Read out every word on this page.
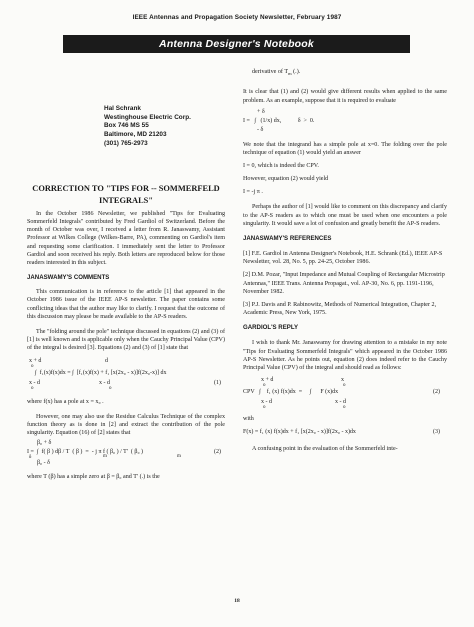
IEEE Antennas and Propagation Society Newsletter, February 1987
Antenna Designer's Notebook
Hal Schrank
Westinghouse Electric Corp.
Box 746 MS 55
Baltimore, MD 21203
(301) 765-2973
CORRECTION TO "TIPS FOR -- SOMMERFELD
INTEGRALS"

In the October 1986 Newsletter, we published "Tips for Evaluating Sommerfeld Integrals" contributed by Fred Gardiol of Switzerland. Before the month of October was over, I received a letter from R. Janaswamy, Assistant Professor at Wilkes College (Wilkes-Barre, PA), commenting on Gardiol's item and requesting some clarification. I immediately sent the letter to Professor Gardiol and soon received his reply. Both letters are reproduced below for those readers interested in this subject.

JANASWAMY'S COMMENTS

This communication is in reference to the article [1] that appeared in the October 1986 issue of the IEEE AP-S newsletter. The paper contains some conflicting ideas that the author may like to clarify. I request that the outcome of this discussion may please be made available to the AP-S readers.

The "folding around the pole" technique discussed in equations (2) and (3) of [1] is well known and is applicable only when the Cauchy Principal Value (CPV) of the integral is desired [3]. Equations (2) and (3) of [1] state that

x + d

	d

o

∫  f₁(x)f(x)dx = ∫  [f₁(x)f(x) + f₁ [x(2x₀ - x)]f(2x₀-x)] dx

x - d

	x - d

o

	o

(1)

where f(x) has a pole at x = x₀ .

However, one may also use the Residue Calculus Technique of the complex function theory as is done in [2] and extract the contribution of the pole singularity. Equation (16) of [2] states that

β₀ + δ

I =  ∫  f( β ) dβ / T  ( β )  =  - j π f ( β₀ ) / T'  ( β₀ )

m

	m

δ

β₀ - δ

(2)

where T (β) has a simple zero at β = β₀ and T' (.) is the

derivative of $T_m$ (.).

It is clear that (1) and (2) would give different results when applied to the same problem. As an example, suppose that it is required to evaluate

+ δ

I =   ∫   (1/x) dx,           δ  >  0.

- δ

We note that the integrand has a simple pole at x=0. The folding over the pole technique of equation (1) would yield an answer

I = 0, which is indeed the CPV.

However, equation (2) would yield

I = -j π .

Perhaps the author of [1] would like to comment on this discrepancy and clarify to the AP-S readers as to which one must be used when one encounters a pole singularity. It would save a lot of confusion and greatly benefit the AP-S readers.

JANASWAMY'S REFERENCES

[1] F.E. Gardiol in Antenna Designer's Notebook, H.E. Schrank (Ed.), IEEE AP-S Newsletter, vol. 28, No. 5, pp. 24-25, October 1986.

[2] D.M. Pozar, "Input Impedance and Mutual Coupling of Rectangular Microstrip Antennas," IEEE Trans. Antenna Propagat., vol. AP-30, No. 6, pp. 1191-1196, November 1982.

[3] P.J. Davis and P. Rabinowitz, Methods of Numerical Integration, Chapter 2, Academic Press, New York, 1975.

GARDIOL'S REPLY

I wish to thank Mr. Janaswamy for drawing attention to a mistake in my note "Tips for Evaluating Sommerfeld Integrals" which appeared in the October 1986 AP-S Newsletter. As he points out, equation (2) does indeed refer to the Cauchy Principal Value (CPV) of the integral and should read as follows:

x + d

	x

o

	o

CPV   ∫    f₁ (x) f(x)dx  =     ∫      F (x)dx

x - d

	x - d

o

	o

(2)

with

F(x) = f₁ (x) f(x)dx + f₁ [x(2x₀ - x)]f(2x₀ - x)dx

	(3)

A confusing point in the evaluation of the Sommerfeld inte-

18
